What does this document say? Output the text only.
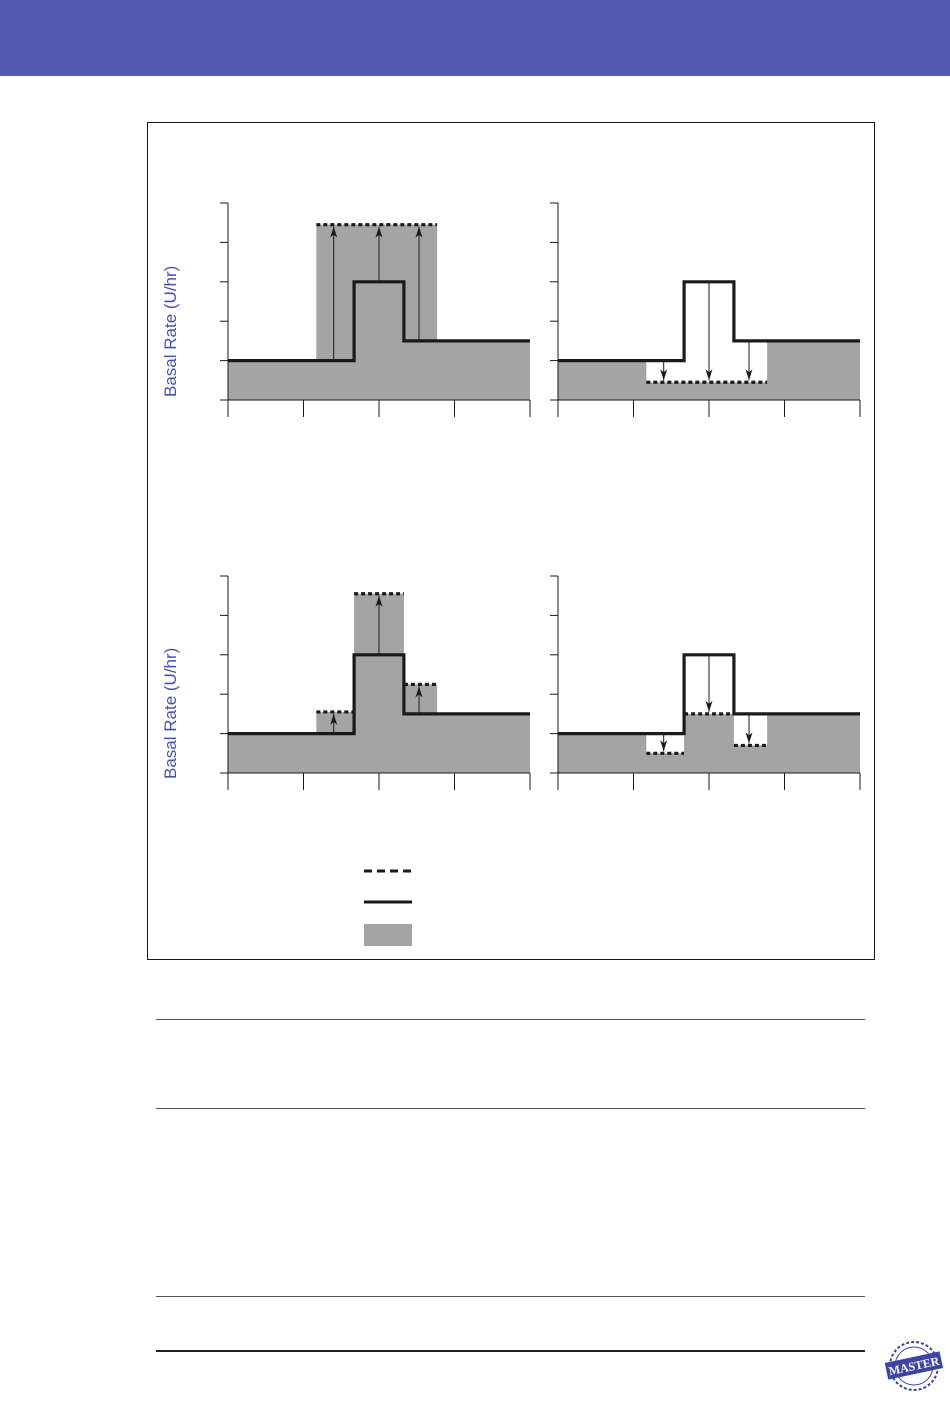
Basal Rate (U/hr)
Basal Rate (U/hr)
MASTER
